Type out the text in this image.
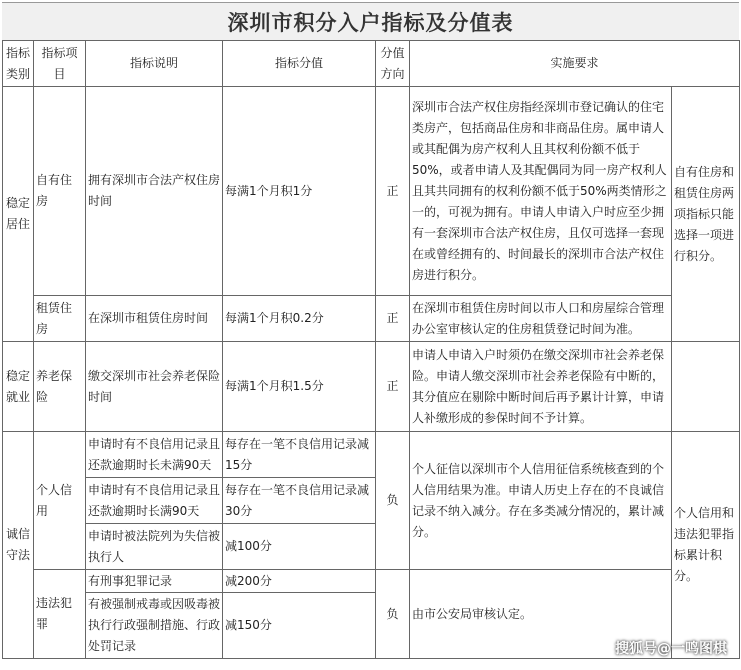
深圳市积分入户指标及分值表
指标类别	指标项目	指标说明	指标分值	分值方向	实施要求	
稳定居住	自有住房	拥有深圳市合法产权住房时间	每满1个月积1分	正	深圳市合法产权住房指经深圳市登记确认的住宅类房产，包括商品住房和非商品住房。属申请人或其配偶为房产权利人且其权利份额不低于50%，或者申请人及其配偶同为同一房产权利人且其共同拥有的权利份额不低于50%两类情形之一的，可视为拥有。申请人申请入户时应至少拥有一套深圳市合法产权住房，且仅可选择一套现在或曾经拥有的、时间最长的深圳市合法产权住房进行积分。	自有住房和租赁住房两项指标只能选择一项进行积分。
	租赁住房	在深圳市租赁住房时间	每满1个月积0.2分	正	在深圳市租赁住房时间以市人口和房屋综合管理办公室审核认定的住房租赁登记时间为准。	
稳定就业	养老保险	缴交深圳市社会养老保险时间	每满1个月积1.5分	正	申请人申请入户时须仍在缴交深圳市社会养老保险。申请人缴交深圳市社会养老保险有中断的，其分值应在剔除中断时间后再予累计计算，申请人补缴形成的参保时间不予计算。	
诚信守法	个人信用	申请时有不良信用记录且还款逾期时长未满90天	每存在一笔不良信用记录减15分	负	个人征信以深圳市个人信用征信系统核查到的个人信用结果为准。申请人历史上存在的不良诚信记录不纳入减分。存在多类减分情况的，累计减分。	个人信用和违法犯罪指标累计积分。
		申请时有不良信用记录且还款逾期时长满90天	每存在一笔不良信用记录减30分			
		申请时被法院列为失信被执行人	减100分			
	违法犯罪	有刑事犯罪记录	减200分	负	由市公安局审核认定。	
		有被强制戒毒或因吸毒被执行行政强制措施、行政处罚记录	减150分			
搜狐号@一鸣图棋
